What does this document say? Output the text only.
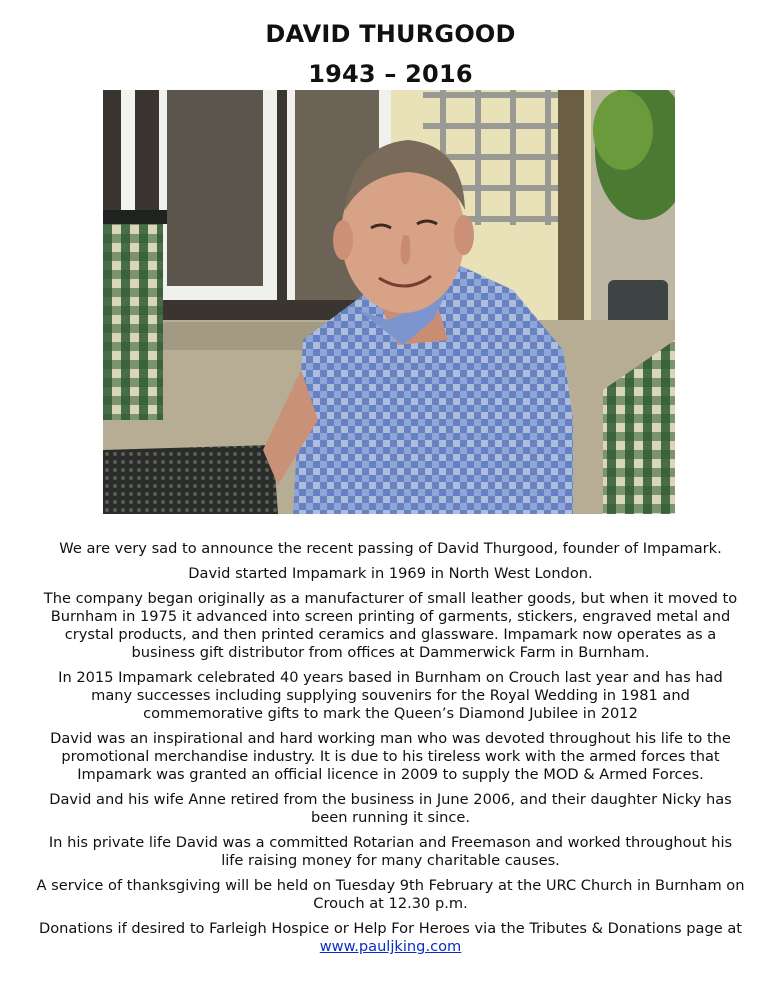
DAVID THURGOOD
1943 – 2016

We are very sad to announce the recent passing of David Thurgood, founder of Impamark.

David started Impamark in 1969 in North West London.

The company began originally as a manufacturer of small leather goods, but when it moved to Burnham in 1975 it advanced into screen printing of garments, stickers, engraved metal and crystal products, and then printed ceramics and glassware. Impamark now operates as a business gift distributor from offices at Dammerwick Farm in Burnham.

In 2015 Impamark celebrated 40 years based in Burnham on Crouch last year and has had many successes including supplying souvenirs for the Royal Wedding in 1981 and commemorative gifts to mark the Queen’s Diamond Jubilee in 2012

David was an inspirational and hard working man who was devoted throughout his life to the promotional merchandise industry. It is due to his tireless work with the armed forces that Impamark was granted an official licence in 2009 to supply the MOD & Armed Forces.

David and his wife Anne retired from the business in June 2006, and their daughter Nicky has been running it since.

In his private life David was a committed Rotarian and Freemason and worked throughout his life raising money for many charitable causes.

A service of thanksgiving will be held on Tuesday 9th February at the URC Church in Burnham on Crouch at 12.30 p.m.

Donations if desired to Farleigh Hospice or Help For Heroes via the Tributes & Donations page at www.pauljking.com
